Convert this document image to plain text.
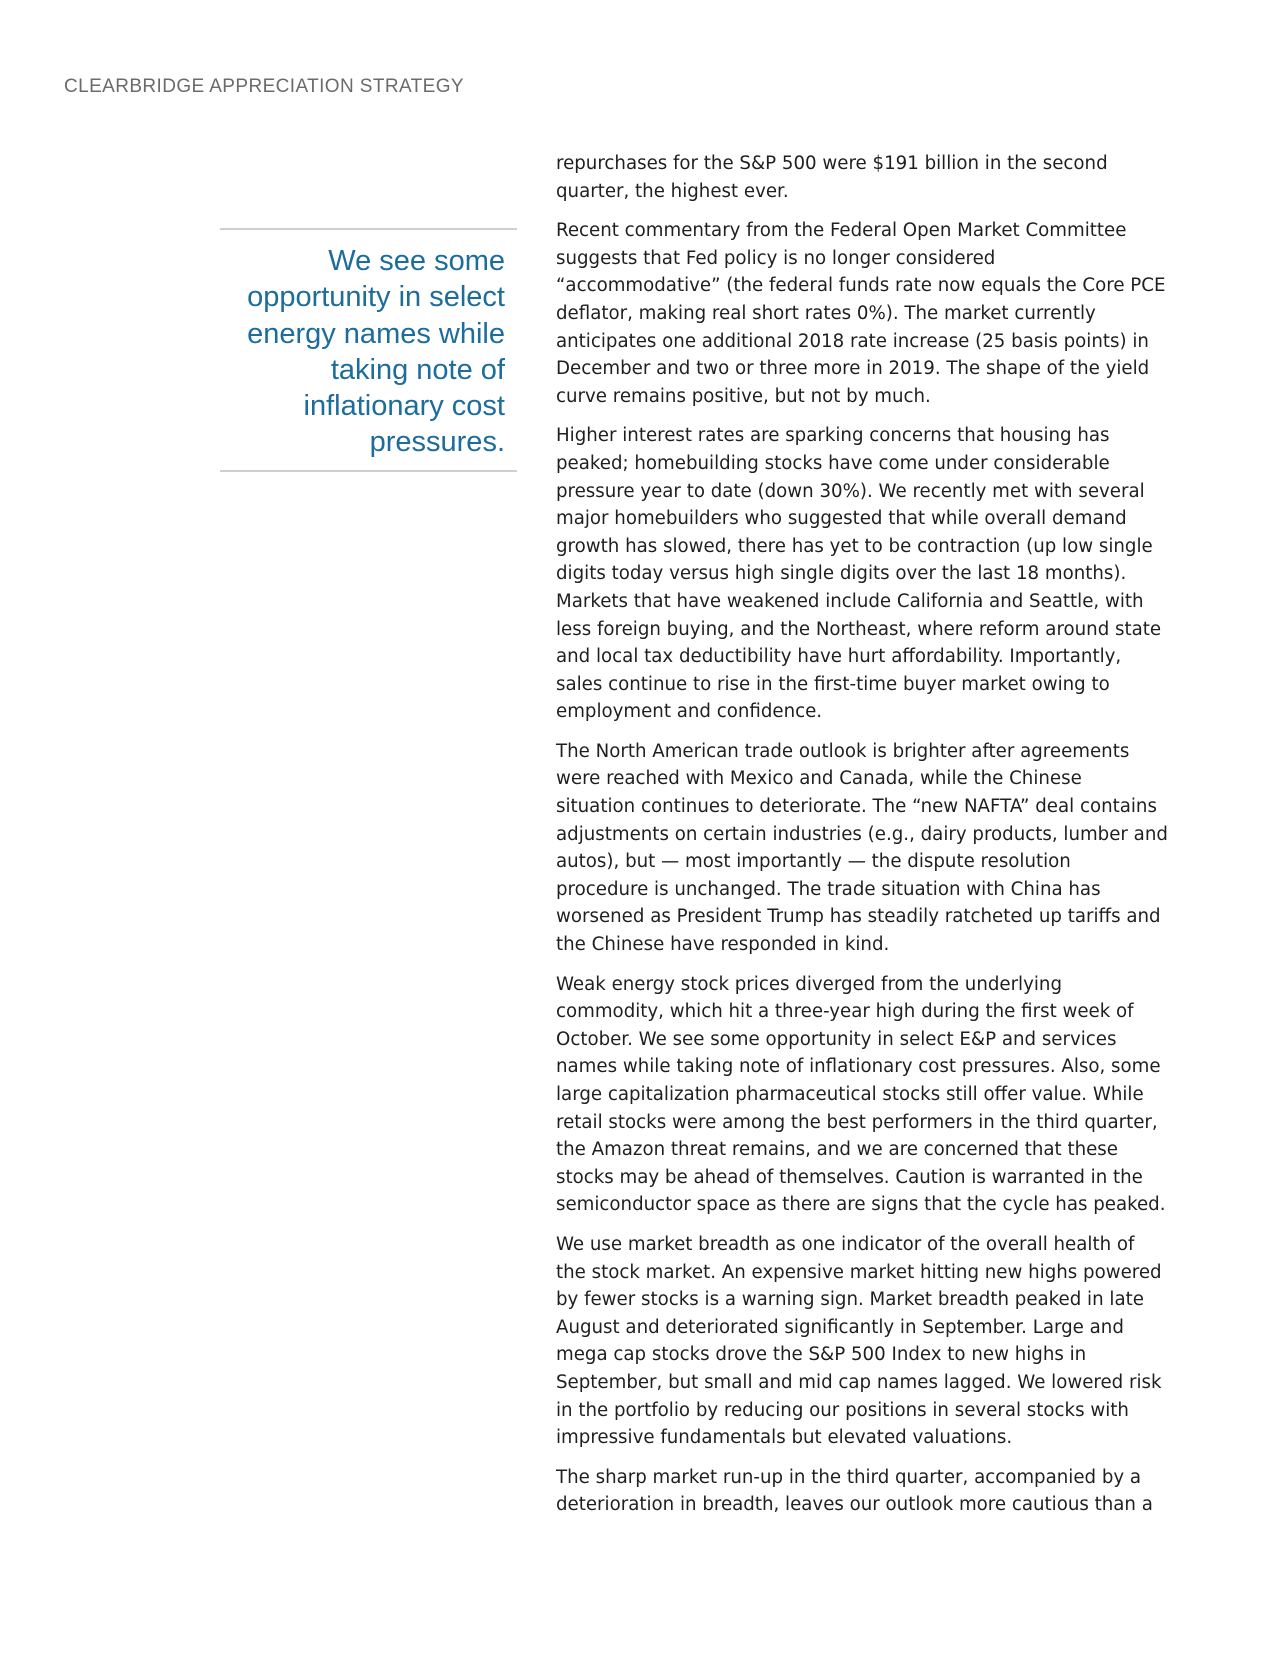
CLEARBRIDGE APPRECIATION STRATEGY

We see some
opportunity in select
energy names while
taking note of
inflationary cost
pressures.

repurchases for the S&P 500 were $191 billion in the second
quarter, the highest ever.

Recent commentary from the Federal Open Market Committee
suggests that Fed policy is no longer considered
“accommodative” (the federal funds rate now equals the Core PCE
deflator, making real short rates 0%). The market currently
anticipates one additional 2018 rate increase (25 basis points) in
December and two or three more in 2019. The shape of the yield
curve remains positive, but not by much.

Higher interest rates are sparking concerns that housing has
peaked; homebuilding stocks have come under considerable
pressure year to date (down 30%). We recently met with several
major homebuilders who suggested that while overall demand
growth has slowed, there has yet to be contraction (up low single
digits today versus high single digits over the last 18 months).
Markets that have weakened include California and Seattle, with
less foreign buying, and the Northeast, where reform around state
and local tax deductibility have hurt affordability. Importantly,
sales continue to rise in the first-time buyer market owing to
employment and confidence.

The North American trade outlook is brighter after agreements
were reached with Mexico and Canada, while the Chinese
situation continues to deteriorate. The “new NAFTA” deal contains
adjustments on certain industries (e.g., dairy products, lumber and
autos), but — most importantly — the dispute resolution
procedure is unchanged. The trade situation with China has
worsened as President Trump has steadily ratcheted up tariffs and
the Chinese have responded in kind.

Weak energy stock prices diverged from the underlying
commodity, which hit a three-year high during the first week of
October. We see some opportunity in select E&P and services
names while taking note of inflationary cost pressures. Also, some
large capitalization pharmaceutical stocks still offer value. While
retail stocks were among the best performers in the third quarter,
the Amazon threat remains, and we are concerned that these
stocks may be ahead of themselves. Caution is warranted in the
semiconductor space as there are signs that the cycle has peaked.

We use market breadth as one indicator of the overall health of
the stock market. An expensive market hitting new highs powered
by fewer stocks is a warning sign. Market breadth peaked in late
August and deteriorated significantly in September. Large and
mega cap stocks drove the S&P 500 Index to new highs in
September, but small and mid cap names lagged. We lowered risk
in the portfolio by reducing our positions in several stocks with
impressive fundamentals but elevated valuations.

The sharp market run-up in the third quarter, accompanied by a
deterioration in breadth, leaves our outlook more cautious than a
